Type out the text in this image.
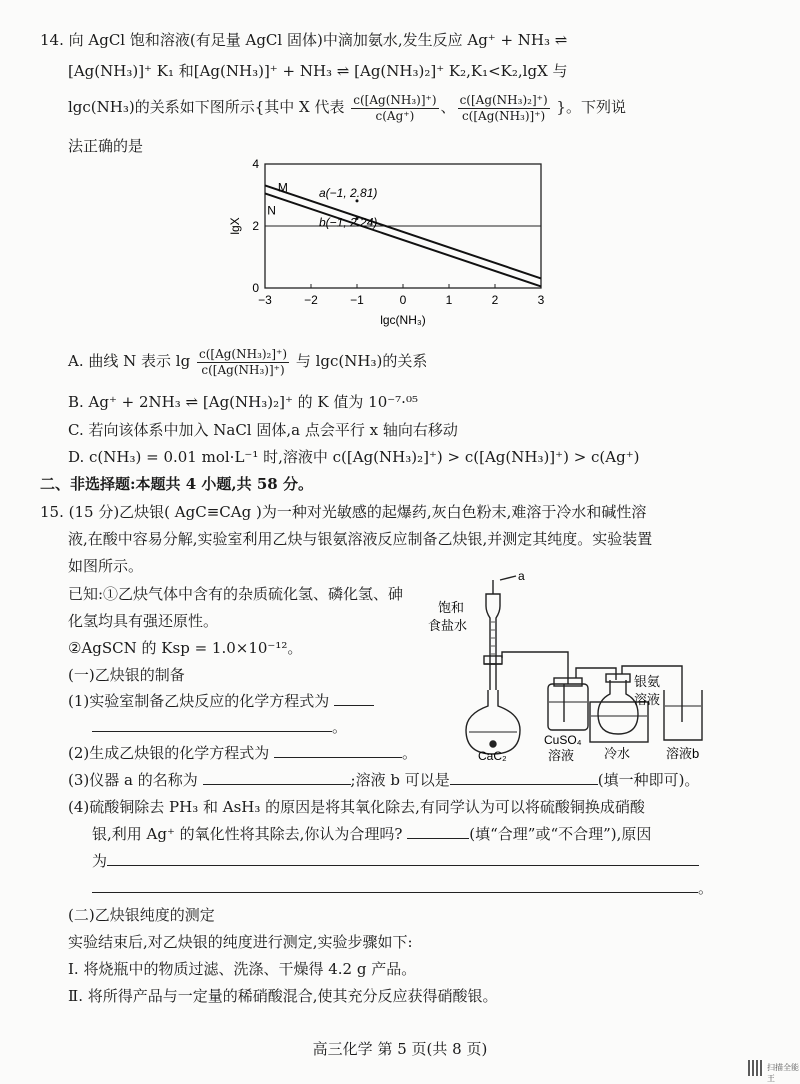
14. 向 AgCl 饱和溶液(有足量 AgCl 固体)中滴加氨水,发生反应 Ag⁺ + NH₃ ⇌
[Ag(NH₃)]⁺ K₁ 和[Ag(NH₃)]⁺ + NH₃ ⇌ [Ag(NH₃)₂]⁺ K₂,K₁<K₂,lgX 与
lgc(NH₃)的关系如下图所示{其中 X 代表 $\frac{\text{c([Ag(NH₃)]⁺)}}{c(Ag^+)}$ 、 $\frac{\text{c([Ag(NH₃)₂]⁺)}}{\text{c([Ag(NH₃)]⁺)}}$ }。下列说
法正确的是
0
2
4
−3	−2	−1	0	1	2	3
M
N
a(−1, 2.81)
b(−1, 2.24)
lgc(NH₃)
lgX
A. 曲线 N 表示 $\lg \frac{\text{c([Ag(NH₃)₂]⁺)}}{\text{c([Ag(NH₃)]⁺)}}$ 与 lgc(NH₃)的关系
B. Ag⁺ + 2NH₃ ⇌ [Ag(NH₃)₂]⁺ 的 K 值为 10⁻⁷·⁰⁵
C. 若向该体系中加入 NaCl 固体,a 点会平行 x 轴向右移动
D. c(NH₃) = 0.01 mol·L⁻¹ 时,溶液中 c([Ag(NH₃)₂]⁺) > c([Ag(NH₃)]⁺) > c(Ag⁺)
二、非选择题:本题共 4 小题,共 58 分。
15. (15 分)乙炔银( AgC≡CAg )为一种对光敏感的起爆药,灰白色粉末,难溶于冷水和碱性溶
液,在酸中容易分解,实验室利用乙炔与银氨溶液反应制备乙炔银,并测定其纯度。实验装置
如图所示。
已知:①乙炔气体中含有的杂质硫化氢、磷化氢、砷
化氢均具有强还原性。
②AgSCN 的 Ksp = 1.0×10⁻¹²。
(一)乙炔银的制备
(1)实验室制备乙炔反应的化学方程式为
。
(2)生成乙炔银的化学方程式为	。
(3)仪器 a 的名称为	;溶液 b 可以是	(填一种即可)。
(4)硫酸铜除去 PH₃ 和 AsH₃ 的原因是将其氧化除去,有同学认为可以将硫酸铜换成硝酸
银,利用 Ag⁺ 的氧化性将其除去,你认为合理吗?	(填“合理”或“不合理”),原因
为
。
(二)乙炔银纯度的测定
实验结束后,对乙炔银的纯度进行测定,实验步骤如下:
Ⅰ. 将烧瓶中的物质过滤、洗涤、干燥得 4.2 g 产品。
Ⅱ. 将所得产品与一定量的稀硝酸混合,使其充分反应获得硝酸银。
a
饱和
食盐水
CaC₂
CuSO₄
溶液
银氨
溶液
冷水	溶液b
高三化学 第 5 页(共 8 页)
扫描全能王
